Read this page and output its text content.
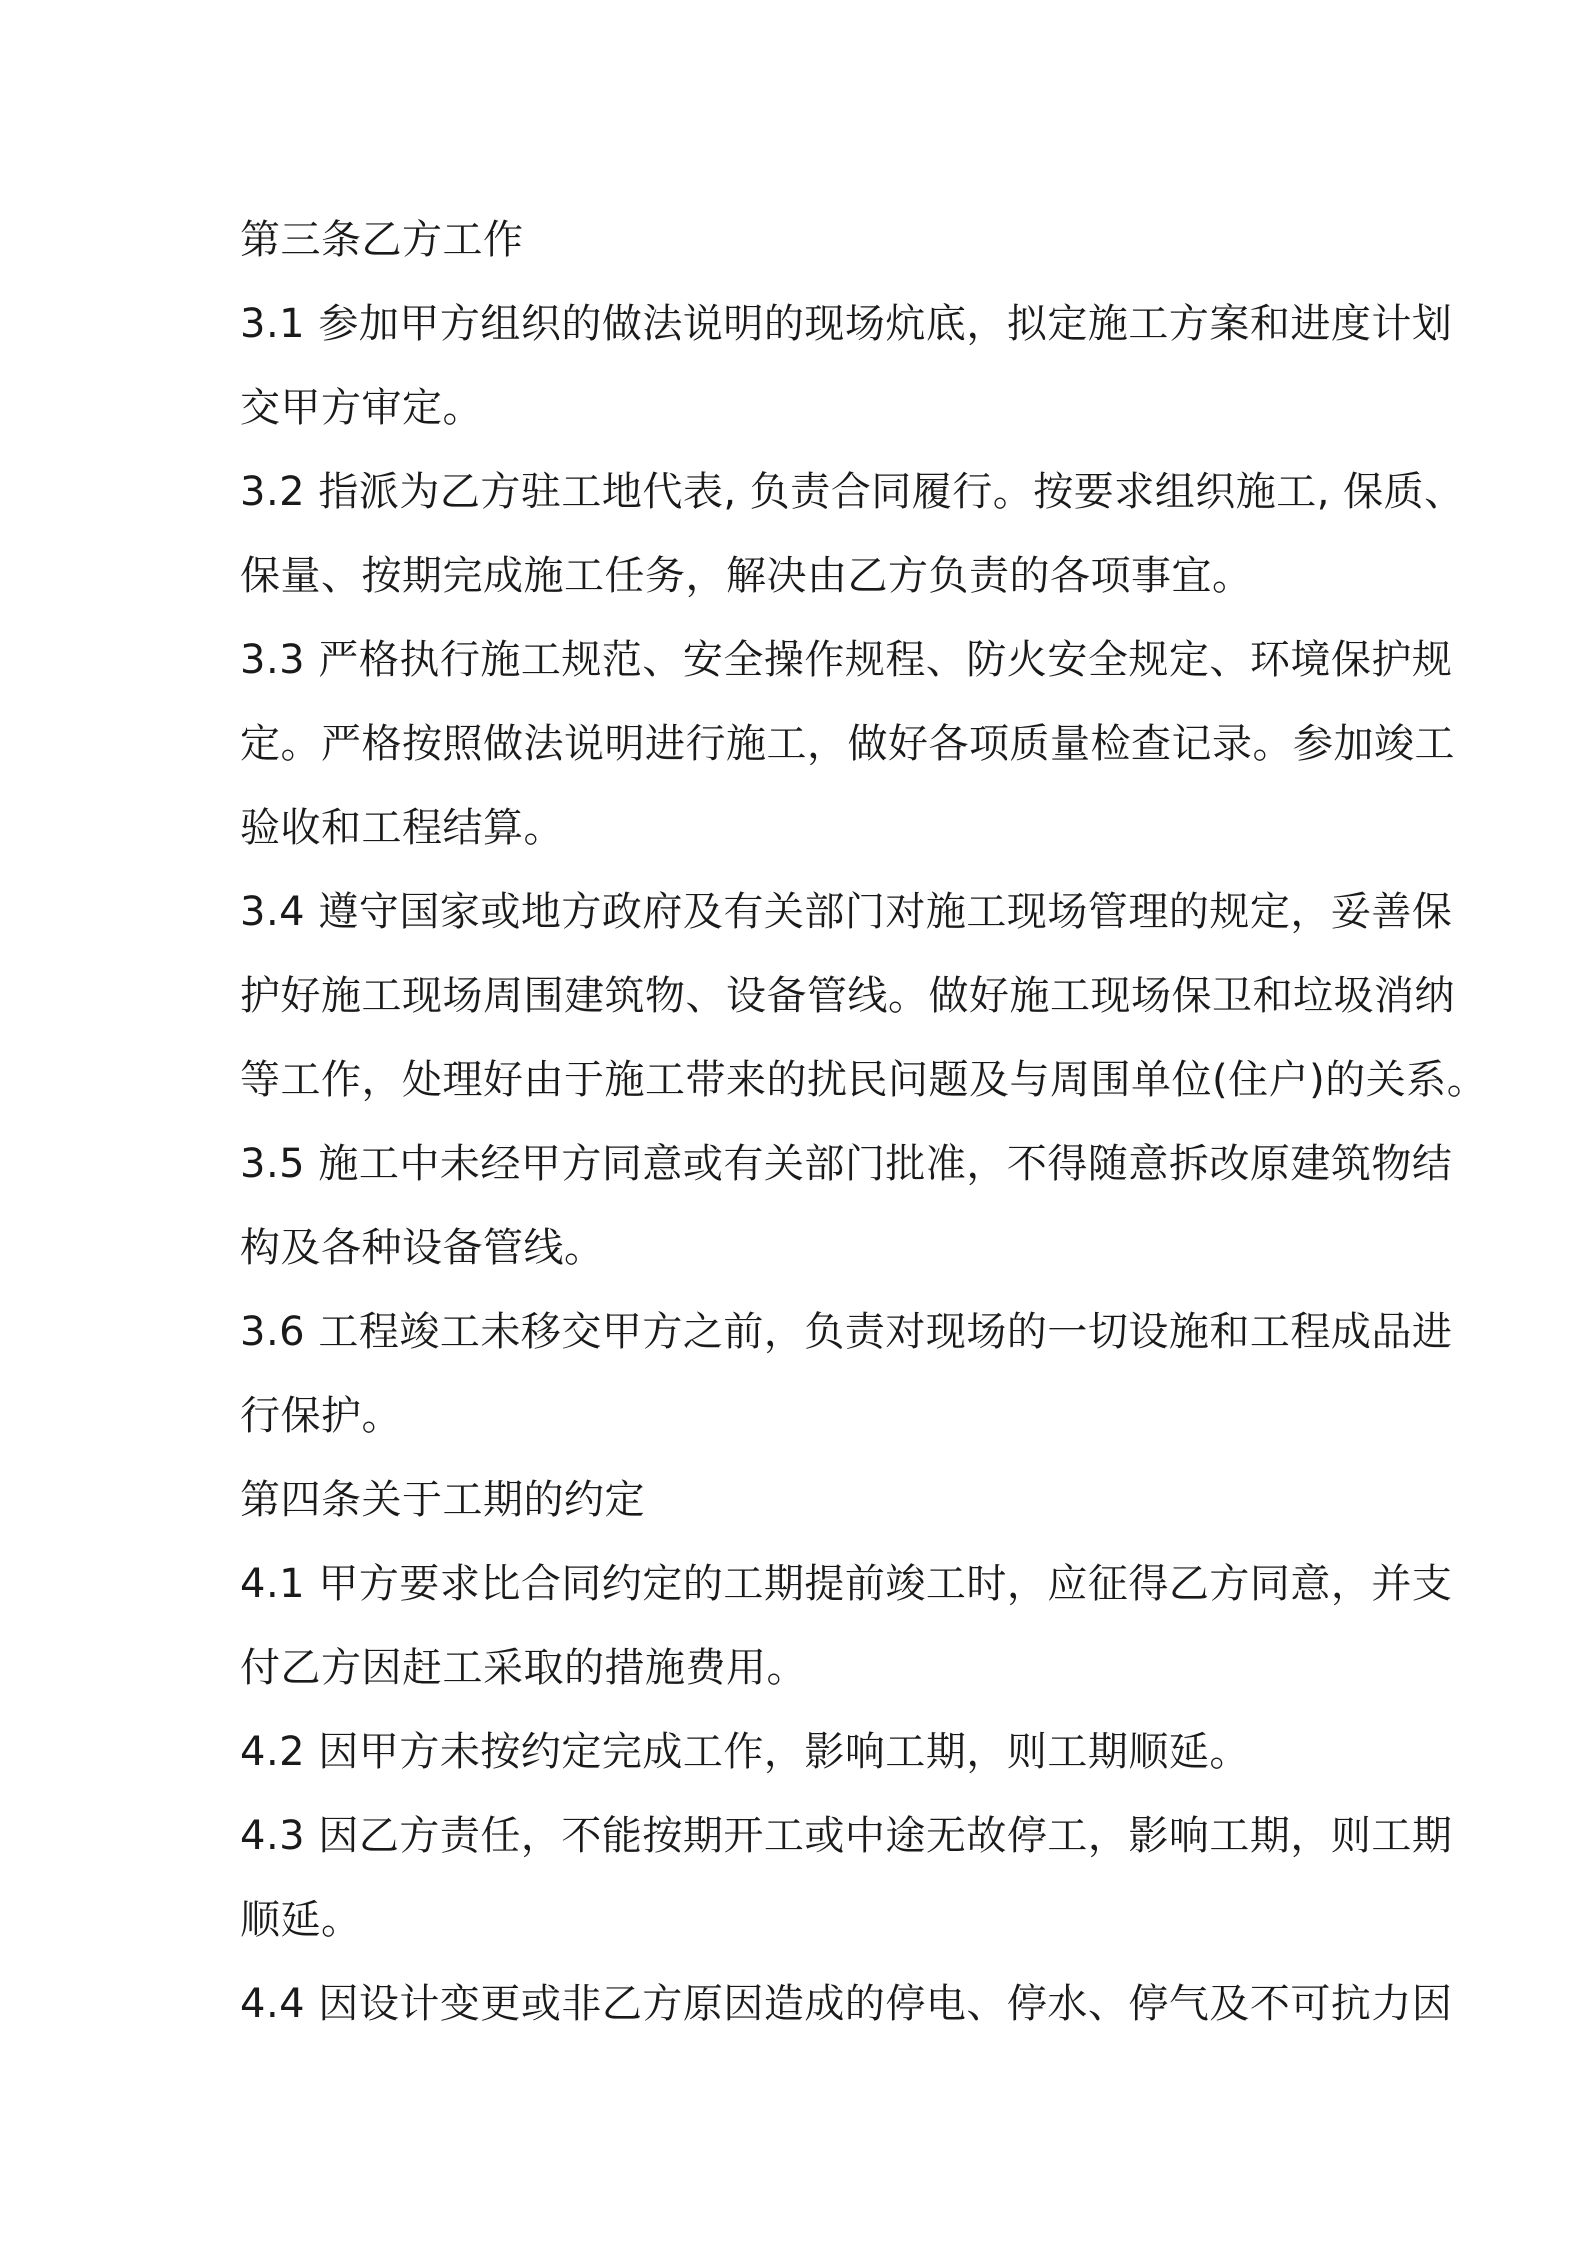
第三条乙方工作
3.1 参加甲方组织的做法说明的现场炕底，拟定施工方案和进度计划
交甲方审定。
3.2 指派为乙方驻工地代表, 负责合同履行。按要求组织施工, 保质、
保量、按期完成施工任务，解决由乙方负责的各项事宜。
3.3 严格执行施工规范、安全操作规程、防火安全规定、环境保护规
定。严格按照做法说明进行施工，做好各项质量检查记录。参加竣工
验收和工程结算。
3.4 遵守国家或地方政府及有关部门对施工现场管理的规定，妥善保
护好施工现场周围建筑物、设备管线。做好施工现场保卫和垃圾消纳
等工作，处理好由于施工带来的扰民问题及与周围单位(住户)的关系。
3.5 施工中未经甲方同意或有关部门批准，不得随意拆改原建筑物结
构及各种设备管线。
3.6 工程竣工未移交甲方之前，负责对现场的一切设施和工程成品进
行保护。
第四条关于工期的约定
4.1 甲方要求比合同约定的工期提前竣工时，应征得乙方同意，并支
付乙方因赶工采取的措施费用。
4.2 因甲方未按约定完成工作，影响工期，则工期顺延。
4.3 因乙方责任，不能按期开工或中途无故停工，影响工期，则工期
顺延。
4.4 因设计变更或非乙方原因造成的停电、停水、停气及不可抗力因
